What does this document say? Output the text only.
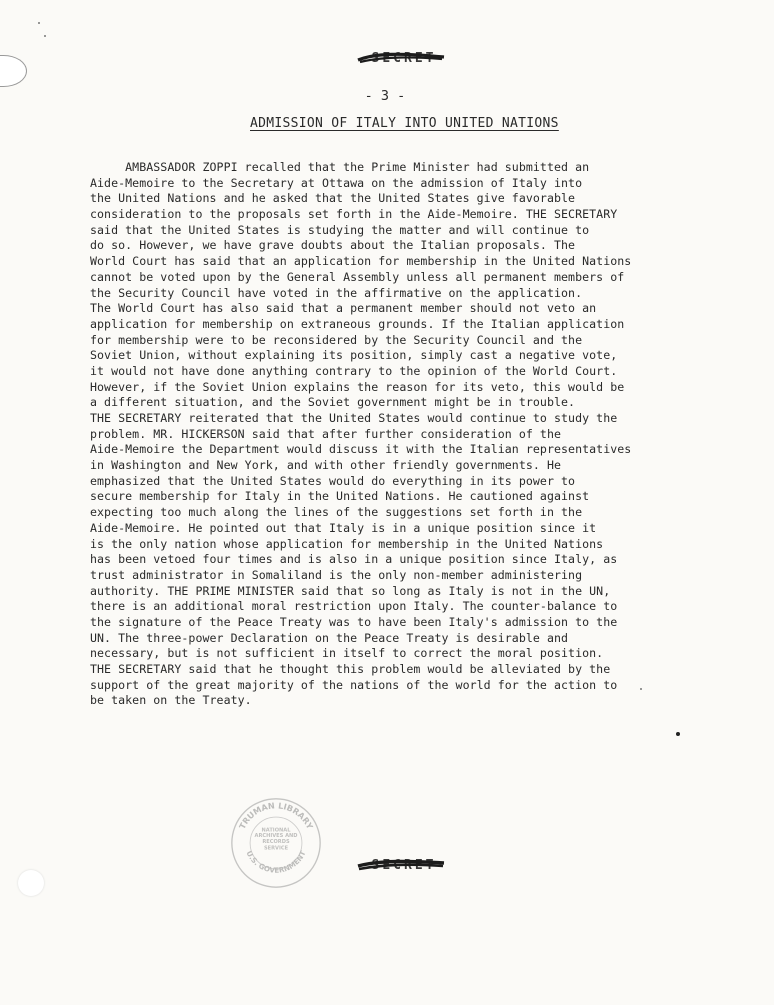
SECRET
- 3 -
ADMISSION OF ITALY INTO UNITED NATIONS
AMBASSADOR ZOPPI recalled that the Prime Minister had submitted an
Aide-Memoire to the Secretary at Ottawa on the admission of Italy into
the United Nations and he asked that the United States give favorable
consideration to the proposals set forth in the Aide-Memoire. THE SECRETARY
said that the United States is studying the matter and will continue to
do so. However, we have grave doubts about the Italian proposals. The
World Court has said that an application for membership in the United Nations
cannot be voted upon by the General Assembly unless all permanent members of
the Security Council have voted in the affirmative on the application.
The World Court has also said that a permanent member should not veto an
application for membership on extraneous grounds. If the Italian application
for membership were to be reconsidered by the Security Council and the
Soviet Union, without explaining its position, simply cast a negative vote,
it would not have done anything contrary to the opinion of the World Court.
However, if the Soviet Union explains the reason for its veto, this would be
a different situation, and the Soviet government might be in trouble.
THE SECRETARY reiterated that the United States would continue to study the
problem. MR. HICKERSON said that after further consideration of the
Aide-Memoire the Department would discuss it with the Italian representatives
in Washington and New York, and with other friendly governments. He
emphasized that the United States would do everything in its power to
secure membership for Italy in the United Nations. He cautioned against
expecting too much along the lines of the suggestions set forth in the
Aide-Memoire. He pointed out that Italy is in a unique position since it
is the only nation whose application for membership in the United Nations
has been vetoed four times and is also in a unique position since Italy, as
trust administrator in Somaliland is the only non-member administering
authority. THE PRIME MINISTER said that so long as Italy is not in the UN,
there is an additional moral restriction upon Italy. The counter-balance to
the signature of the Peace Treaty was to have been Italy's admission to the
UN. The three-power Declaration on the Peace Treaty is desirable and
necessary, but is not sufficient in itself to correct the moral position.
THE SECRETARY said that he thought this problem would be alleviated by the
support of the great majority of the nations of the world for the action to
be taken on the Treaty.
TRUMAN LIBRARY
U.S. GOVERNMENT
NATIONAL ARCHIVES AND RECORDS SERVICE
SECRET
